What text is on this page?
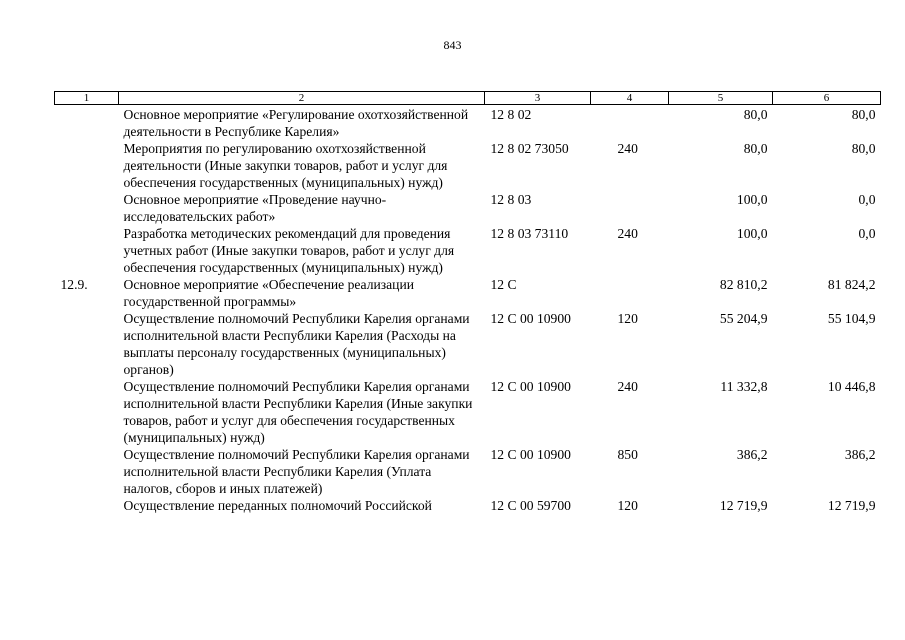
843
1	2	3	4	5	6
	Основное мероприятие «Регулирование охотхозяйственной деятельности в Республике Карелия»	12 8 02		80,0	80,0
	Мероприятия по регулированию охотхозяйственной деятельности (Иные закупки товаров, работ и услуг для обеспечения государственных (муниципальных) нужд)	12 8 02 73050	240	80,0	80,0
	Основное мероприятие «Проведение научно-исследовательских работ»	12 8 03		100,0	0,0
	Разработка методических рекомендаций для проведения учетных работ (Иные закупки товаров, работ и услуг для обеспечения государственных (муниципальных) нужд)	12 8 03 73110	240	100,0	0,0
12.9.	Основное мероприятие «Обеспечение реализации государственной программы»	12 С		82 810,2	81 824,2
	Осуществление полномочий Республики Карелия органами исполнительной власти Республики Карелия (Расходы на выплаты персоналу государственных (муниципальных) органов)	12 С 00 10900	120	55 204,9	55 104,9
	Осуществление полномочий Республики Карелия органами исполнительной власти Республики Карелия (Иные закупки товаров, работ и услуг для обеспечения государственных (муниципальных) нужд)	12 С 00 10900	240	11 332,8	10 446,8
	Осуществление полномочий Республики Карелия органами исполнительной власти Республики Карелия (Уплата налогов, сборов и иных платежей)	12 С 00 10900	850	386,2	386,2
	Осуществление переданных полномочий Российской	12 С 00 59700	120	12 719,9	12 719,9
